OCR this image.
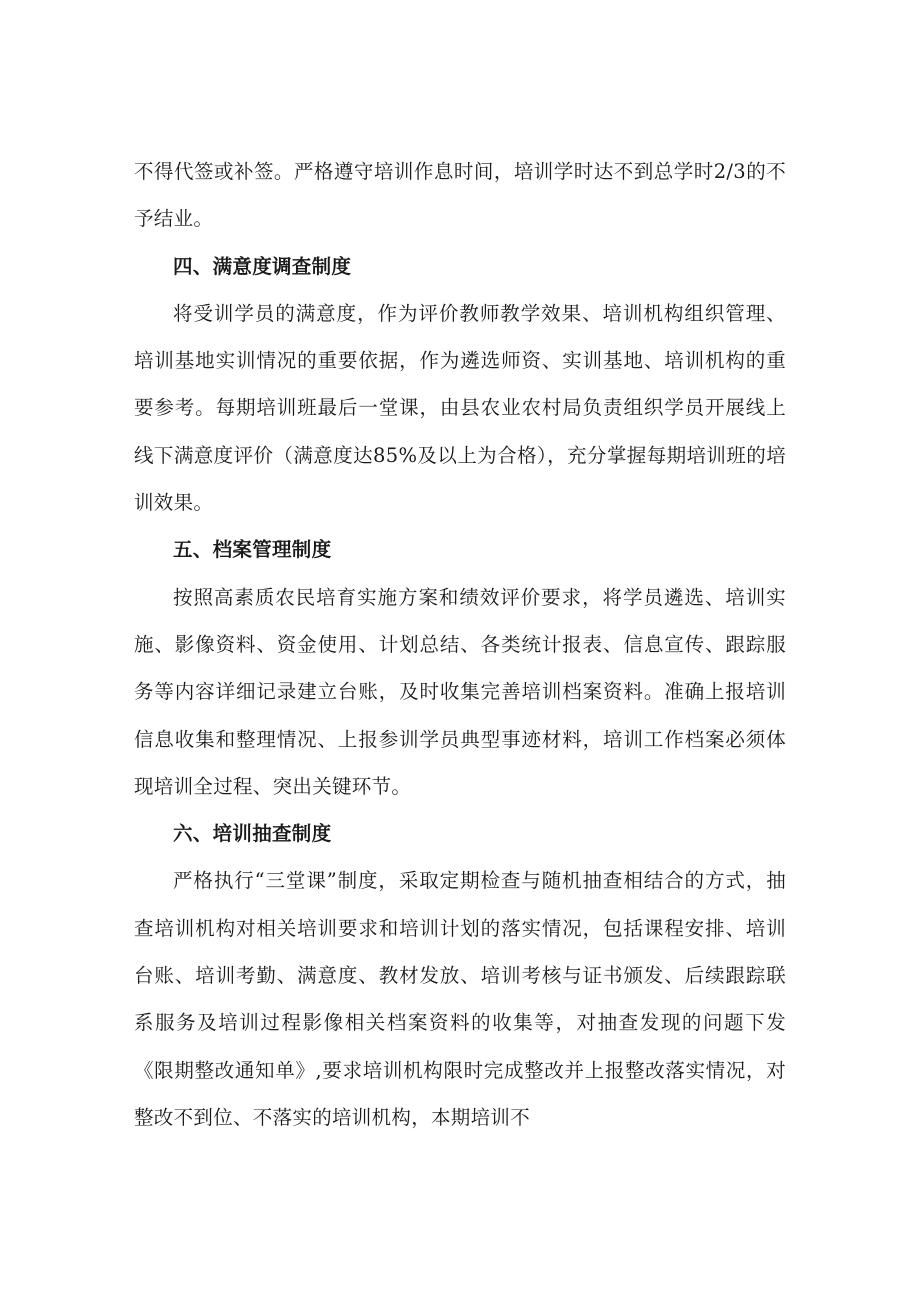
不得代签或补签。严格遵守培训作息时间，培训学时达不到总学时2/3的不予结业。

四、满意度调查制度

将受训学员的满意度，作为评价教师教学效果、培训机构组织管理、培训基地实训情况的重要依据，作为遴选师资、实训基地、培训机构的重要参考。每期培训班最后一堂课，由县农业农村局负责组织学员开展线上线下满意度评价（满意度达85%及以上为合格），充分掌握每期培训班的培训效果。

五、档案管理制度

按照高素质农民培育实施方案和绩效评价要求，将学员遴选、培训实施、影像资料、资金使用、计划总结、各类统计报表、信息宣传、跟踪服务等内容详细记录建立台账，及时收集完善培训档案资料。准确上报培训信息收集和整理情况、上报参训学员典型事迹材料，培训工作档案必须体现培训全过程、突出关键环节。

六、培训抽查制度

严格执行“三堂课”制度，采取定期检查与随机抽查相结合的方式，抽查培训机构对相关培训要求和培训计划的落实情况，包括课程安排、培训台账、培训考勤、满意度、教材发放、培训考核与证书颁发、后续跟踪联系服务及培训过程影像相关档案资料的收集等，对抽查发现的问题下发《限期整改通知单》,要求培训机构限时完成整改并上报整改落实情况，对整改不到位、不落实的培训机构，本期培训不
